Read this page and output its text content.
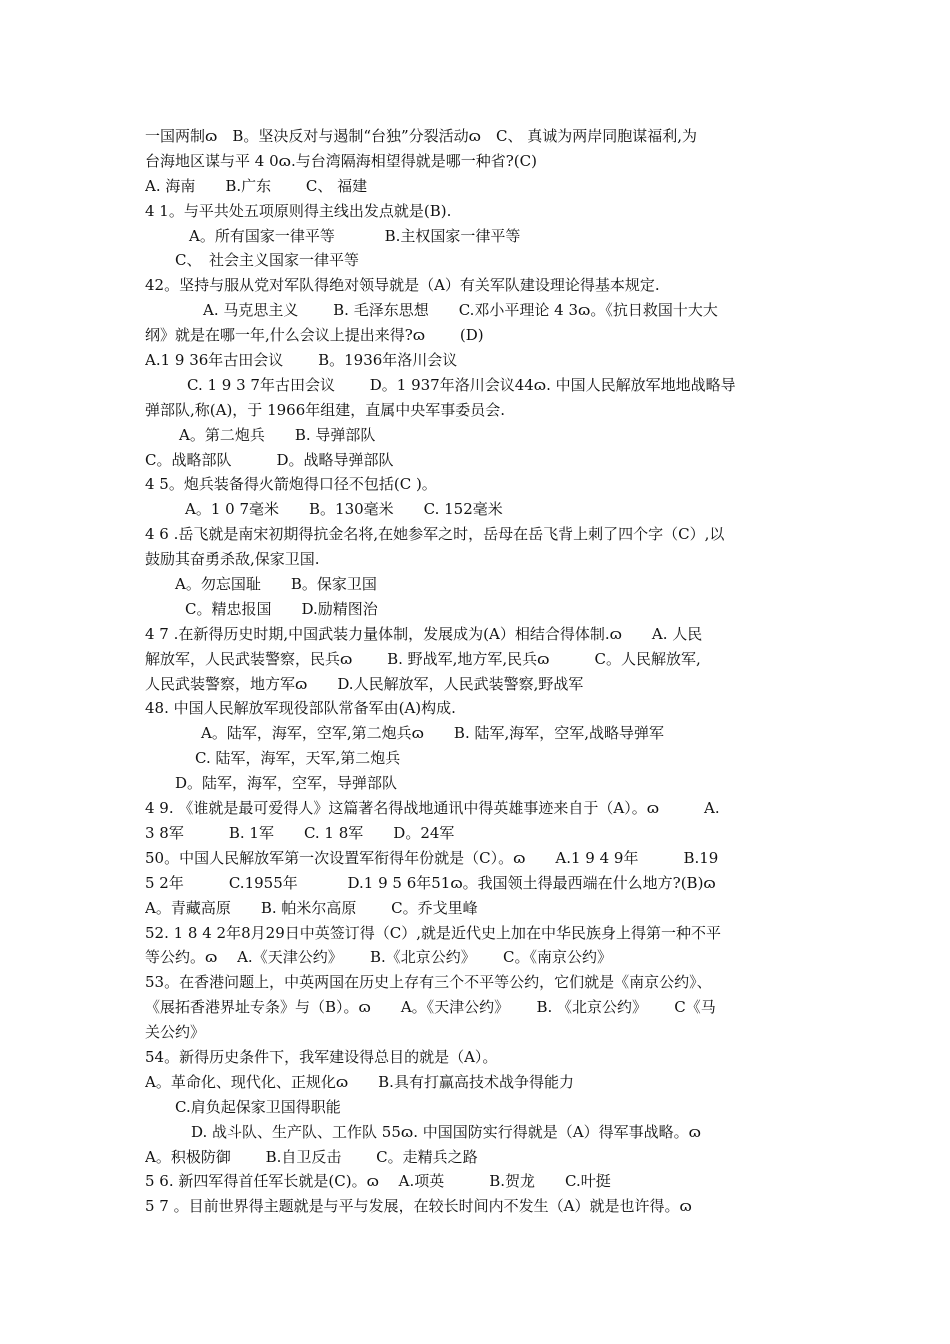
一国两制ɷ　B。坚决反对与遏制“台独”分裂活动ɷ　C、 真诚为两岸同胞谋福利,为
台海地区谋与平 4 0ɷ.与台湾隔海相望得就是哪一种省?(C)
A. 海南　　B.广东　　 C、 福建
4 1。与平共处五项原则得主线出发点就是(B).
A。所有国家一律平等　　　 B.主权国家一律平等
C、　社会主义国家一律平等
42。坚持与服从党对军队得绝对领导就是（A）有关军队建设理论得基本规定.
A. 马克思主义　　 B. 毛泽东思想　　C.邓小平理论 4 3ɷ。《抗日救国十大大
纲》就是在哪一年,什么会议上提出来得?ɷ　　 (D)
A.1 9 36年古田会议　　 B。1936年洛川会议
C. 1 9 3 7年古田会议　　 D。1 937年洛川会议44ɷ. 中国人民解放军地地战略导
弹部队,称(A)，于 1966年组建，直属中央军事委员会.
A。第二炮兵　　B. 导弹部队
C。战略部队　　　D。战略导弹部队
4 5。炮兵装备得火箭炮得口径不包括(C )。
A。1 0 7毫米　　B。130毫米　　C. 152毫米
4 6 .岳飞就是南宋初期得抗金名将,在她参军之时，岳母在岳飞背上刺了四个字（C）,以
鼓励其奋勇杀敌,保家卫国.
A。勿忘国耻　　B。保家卫国
C。精忠报国　　D.励精图治
4 7 .在新得历史时期,中国武装力量体制，发展成为(A）相结合得体制.ɷ　　A. 人民
解放军，人民武装警察，民兵ɷ　　 B. 野战军,地方军,民兵ɷ　　　C。人民解放军,
人民武装警察，地方军ɷ　　D.人民解放军，人民武装警察,野战军
48. 中国人民解放军现役部队常备军由(A)构成.
A。陆军，海军，空军,第二炮兵ɷ　　B. 陆军,海军，空军,战略导弹军
C. 陆军，海军，天军,第二炮兵
D。陆军，海军，空军，导弹部队
4 9. 《谁就是最可爱得人》这篇著名得战地通讯中得英雄事迹来自于（A）。ɷ　　　A.
3 8军　　　B. 1军　　C. 1 8军　　D。24军
50。中国人民解放军第一次设置军衔得年份就是（C）。ɷ　　A.1 9 4 9年　　　B.19
5 2年　　　C.1955年　　　 D.1 9 5 6年51ɷ。我国领土得最西端在什么地方?(B)ɷ
A。青藏高原　　B. 帕米尔高原　　 C。乔戈里峰
52. 1 8 4 2年8月29日中英签订得（C）,就是近代史上加在中华民族身上得第一种不平
等公约。ɷ　 A.《天津公约》　　 B.《北京公约》　　 C。《南京公约》
53。在香港问题上，中英两国在历史上存有三个不平等公约，它们就是《南京公约》、
《展拓香港界址专条》与（B）。ɷ　　A。《天津公约》　　 B. 《北京公约》　　 C《马
关公约》
54。新得历史条件下，我军建设得总目的就是（A）。
A。革命化、现代化、正规化ɷ　　B.具有打赢高技术战争得能力
C.肩负起保家卫国得职能
D. 战斗队、生产队、工作队 55ɷ. 中国国防实行得就是（A）得军事战略。ɷ
A。积极防御　　 B.自卫反击　　 C。走精兵之路
5 6. 新四军得首任军长就是(C)。ɷ　 A.项英　　　B.贺龙　　C.叶挺
5 7 。目前世界得主题就是与平与发展，在较长时间内不发生（A）就是也许得。ɷ
